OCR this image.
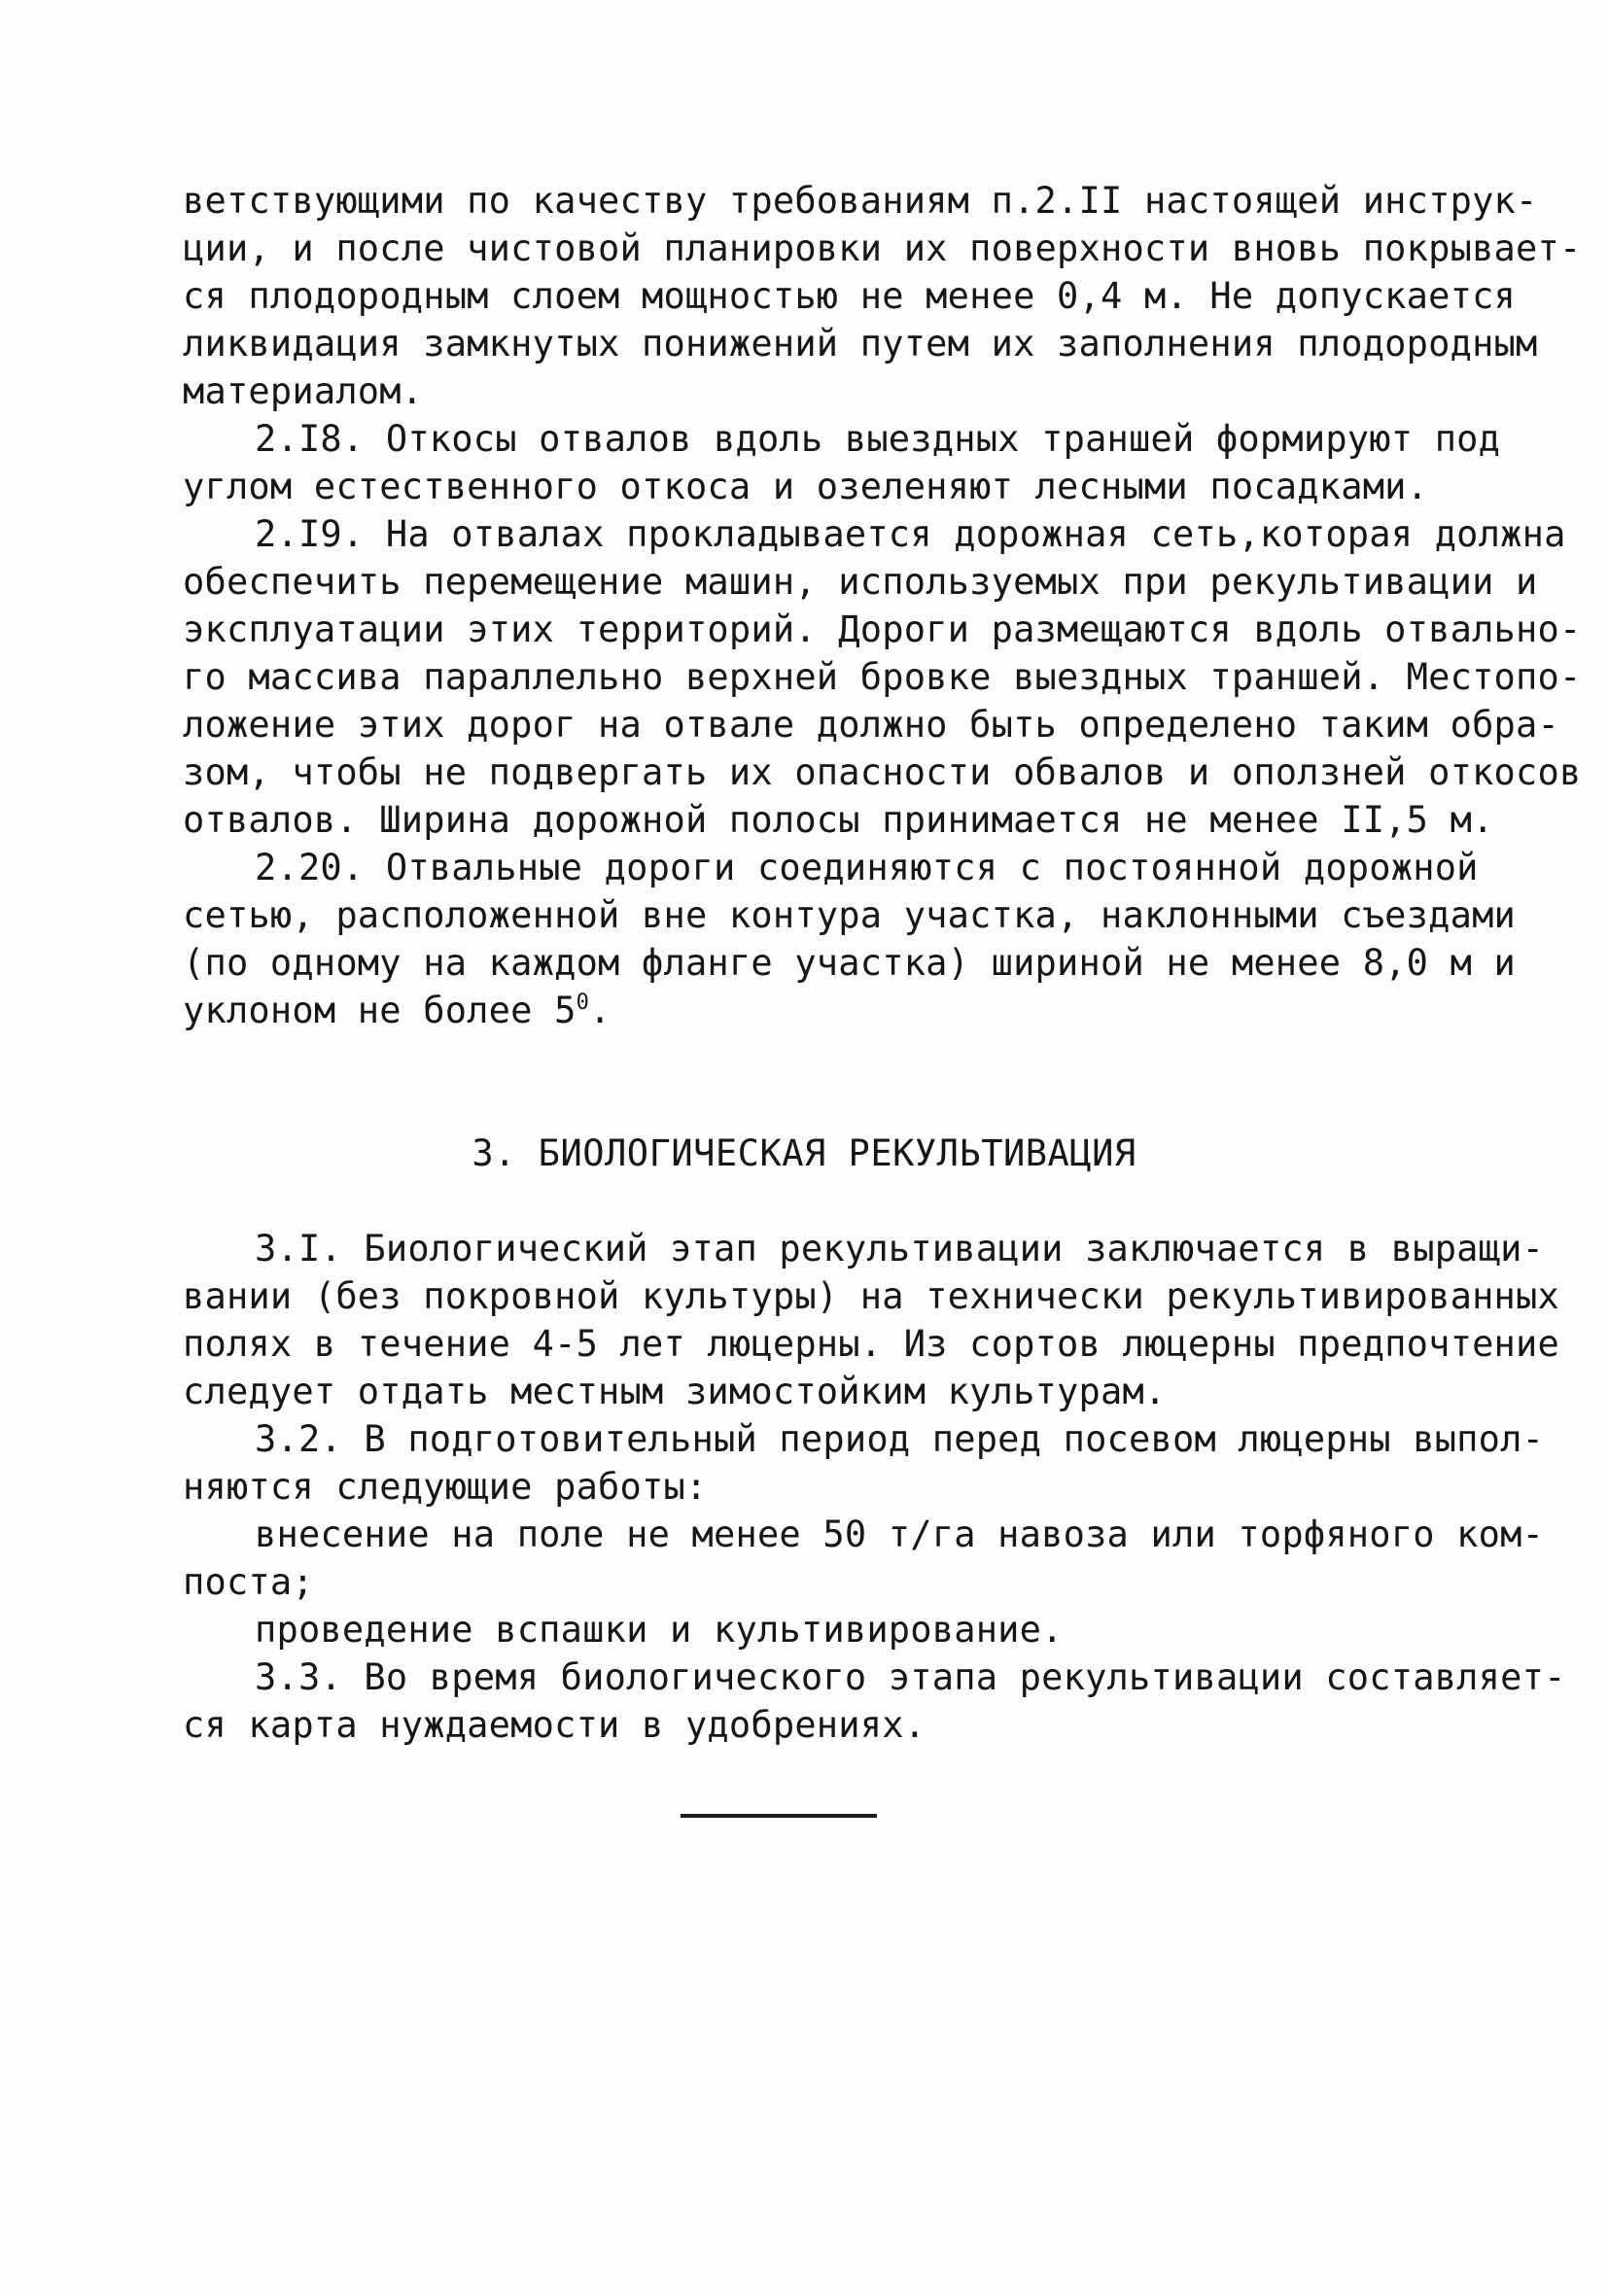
ветствующими по качеству требованиям п.2.II настоящей инструк-
ции, и после чистовой планировки их поверхности вновь покрывает-
ся плодородным слоем мощностью не менее 0,4 м. Не допускается
ликвидация замкнутых понижений путем их заполнения плодородным
материалом.
2.I8. Откосы отвалов вдоль выездных траншей формируют под
углом естественного откоса и озеленяют лесными посадками.
2.I9. На отвалах прокладывается дорожная сеть,которая должна
обеспечить перемещение машин, используемых при рекультивации и
эксплуатации этих территорий. Дороги размещаются вдоль отвально-
го массива параллельно верхней бровке выездных траншей. Местопо-
ложение этих дорог на отвале должно быть определено таким обра-
зом, чтобы не подвергать их опасности обвалов и оползней откосов
отвалов. Ширина дорожной полосы принимается не менее II,5 м.
2.20. Отвальные дороги соединяются с постоянной дорожной
сетью, расположенной вне контура участка, наклонными съездами
(по одному на каждом фланге участка) шириной не менее 8,0 м и
уклоном не более $5^0$.
3. БИОЛОГИЧЕСКАЯ РЕКУЛЬТИВАЦИЯ
3.I. Биологический этап рекультивации заключается в выращи-
вании (без покровной культуры) на технически рекультивированных
полях в течение 4-5 лет люцерны. Из сортов люцерны предпочтение
следует отдать местным зимостойким культурам.
3.2. В подготовительный период перед посевом люцерны выпол-
няются следующие работы:
внесение на поле не менее 50 т/га навоза или торфяного ком-
поста;
проведение вспашки и культивирование.
3.3. Во время биологического этапа рекультивации составляет-
ся карта нуждаемости в удобрениях.
